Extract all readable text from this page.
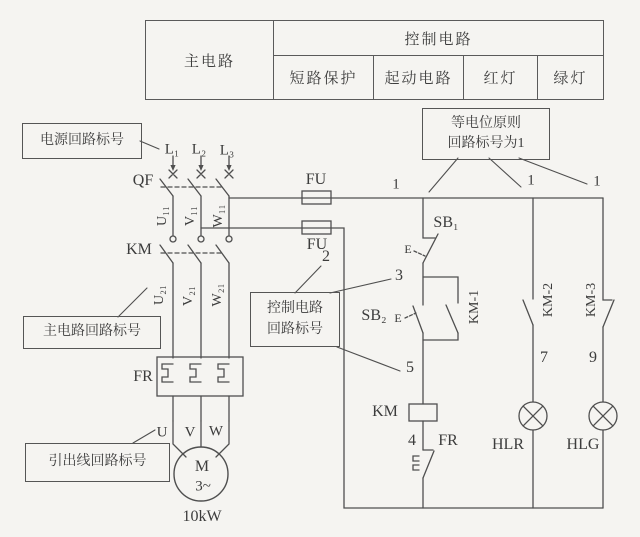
主电路
控制电路
短路保护 起动电路 红灯 绿灯
电源回路标号
等电位原则
回路标号为1
主电路回路标号
控制电路
回路标号
引出线回路标号
L₁ L₂ L₃
QF
U₁₁ V₁₁ W₁₁
KM
U₂₁ V₂₁ W₂₁
FR
U V W
M
3~
10kW
FU
FU
1	1	1
2
3
5
4
7	9
SB₁
E
SB₂ E	KM-1	KM-2 KM-3
KM
FR HLR	HLG
